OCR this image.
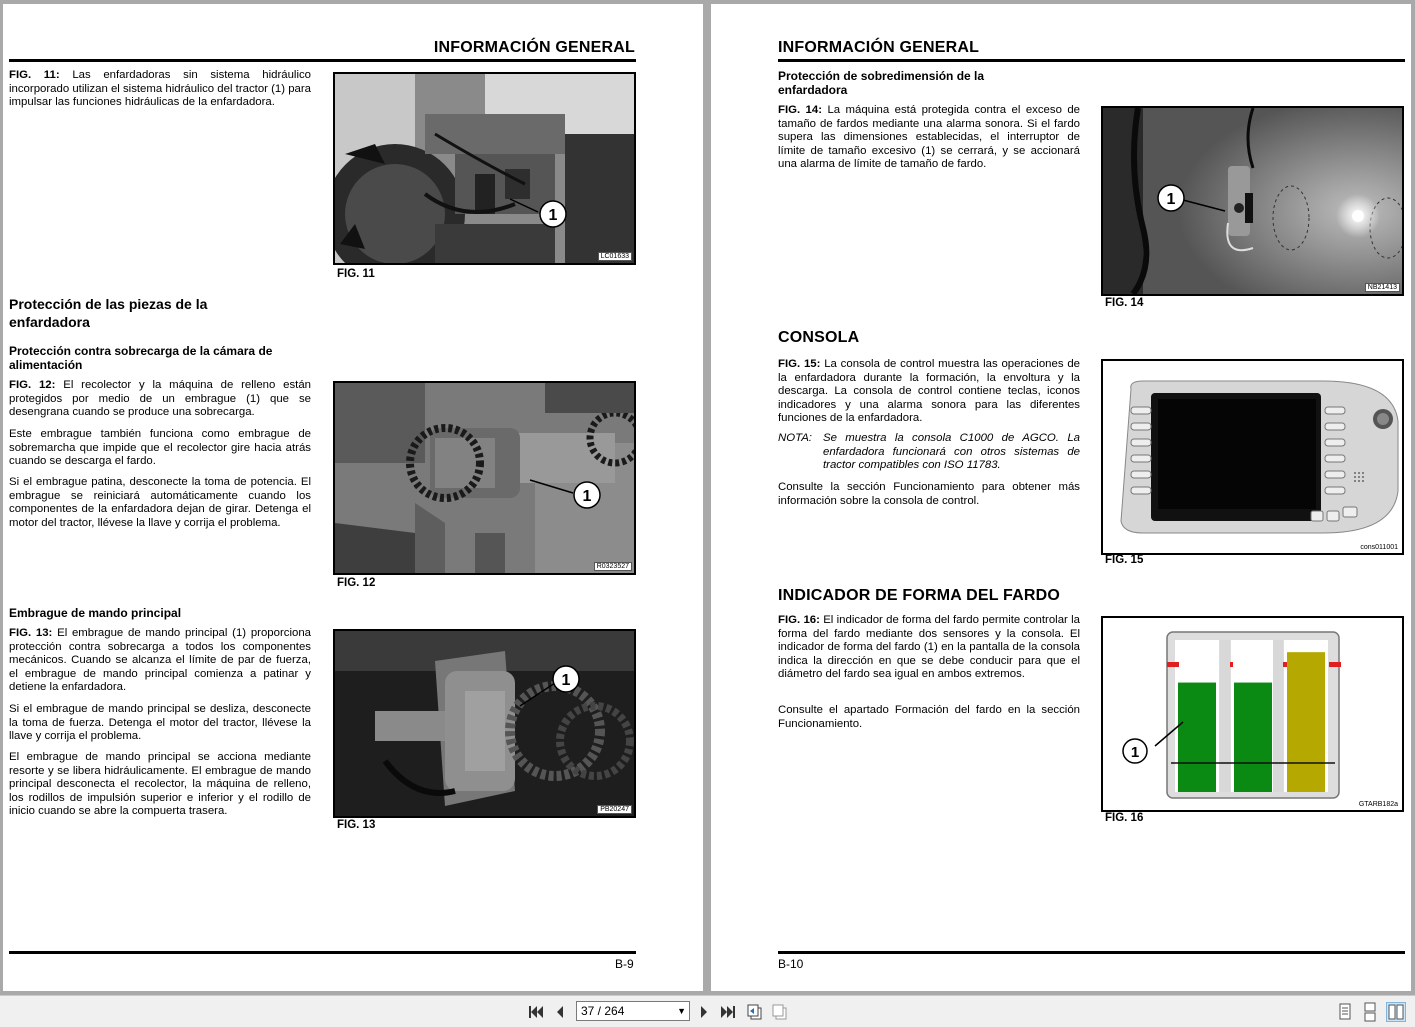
INFORMACIÓN GENERAL
FIG. 11: Las enfardadoras sin sistema hidráulico incorporado utilizan el sistema hidráulico del tractor (1) para impulsar las funciones hidráulicas de la enfardadora.
1
LC01633
FIG. 11
Protección de las piezas de la enfardadora
Protección contra sobrecarga de la cámara de alimentación
FIG. 12: El recolector y la máquina de relleno están protegidos por medio de un embrague (1) que se desengrana cuando se produce una sobrecarga.
Este embrague también funciona como embrague de sobremarcha que impide que el recolector gire hacia atrás cuando se descarga el fardo.
Si el embrague patina, desconecte la toma de potencia. El embrague se reiniciará automáticamente cuando los componentes de la enfardadora dejan de girar. Detenga el motor del tractor, llévese la llave y corrija el problema.
1
R0323527
FIG. 12
Embrague de mando principal
FIG. 13: El embrague de mando principal (1) proporciona protección contra sobrecarga a todos los componentes mecánicos. Cuando se alcanza el límite de par de fuerza, el embrague de mando principal comienza a patinar y detiene la enfardadora.
Si el embrague de mando principal se desliza, desconecte la toma de fuerza. Detenga el motor del tractor, llévese la llave y corrija el problema.
El embrague de mando principal se acciona mediante resorte y se libera hidráulicamente. El embrague de mando principal desconecta el recolector, la máquina de relleno, los rodillos de impulsión superior e inferior y el rodillo de inicio cuando se abre la compuerta trasera.
1
PB20247
FIG. 13
B-9
INFORMACIÓN GENERAL
Protección de sobredimensión de la enfardadora
FIG. 14: La máquina está protegida contra el exceso de tamaño de fardos mediante una alarma sonora. Si el fardo supera las dimensiones establecidas, el interruptor de límite de tamaño excesivo (1) se cerrará, y se accionará una alarma de límite de tamaño de fardo.
1
NB21413
FIG. 14
CONSOLA
FIG. 15: La consola de control muestra las operaciones de la enfardadora durante la formación, la envoltura y la descarga. La consola de control contiene teclas, iconos indicadores y una alarma sonora para las diferentes funciones de la enfardadora.
NOTA: Se muestra la consola C1000 de AGCO. La enfardadora funcionará con otros sistemas de tractor compatibles con ISO 11783.
Consulte la sección Funcionamiento para obtener más información sobre la consola de control.
cons011001
FIG. 15
INDICADOR DE FORMA DEL FARDO
FIG. 16: El indicador de forma del fardo permite controlar la forma del fardo mediante dos sensores y la consola. El indicador de forma del fardo (1) en la pantalla de la consola indica la dirección en que se debe conducir para que el diámetro del fardo sea igual en ambos extremos.
Consulte el apartado Formación del fardo en la sección Funcionamiento.
1
GTARB182a
FIG. 16
B-10
37 / 264	▼
